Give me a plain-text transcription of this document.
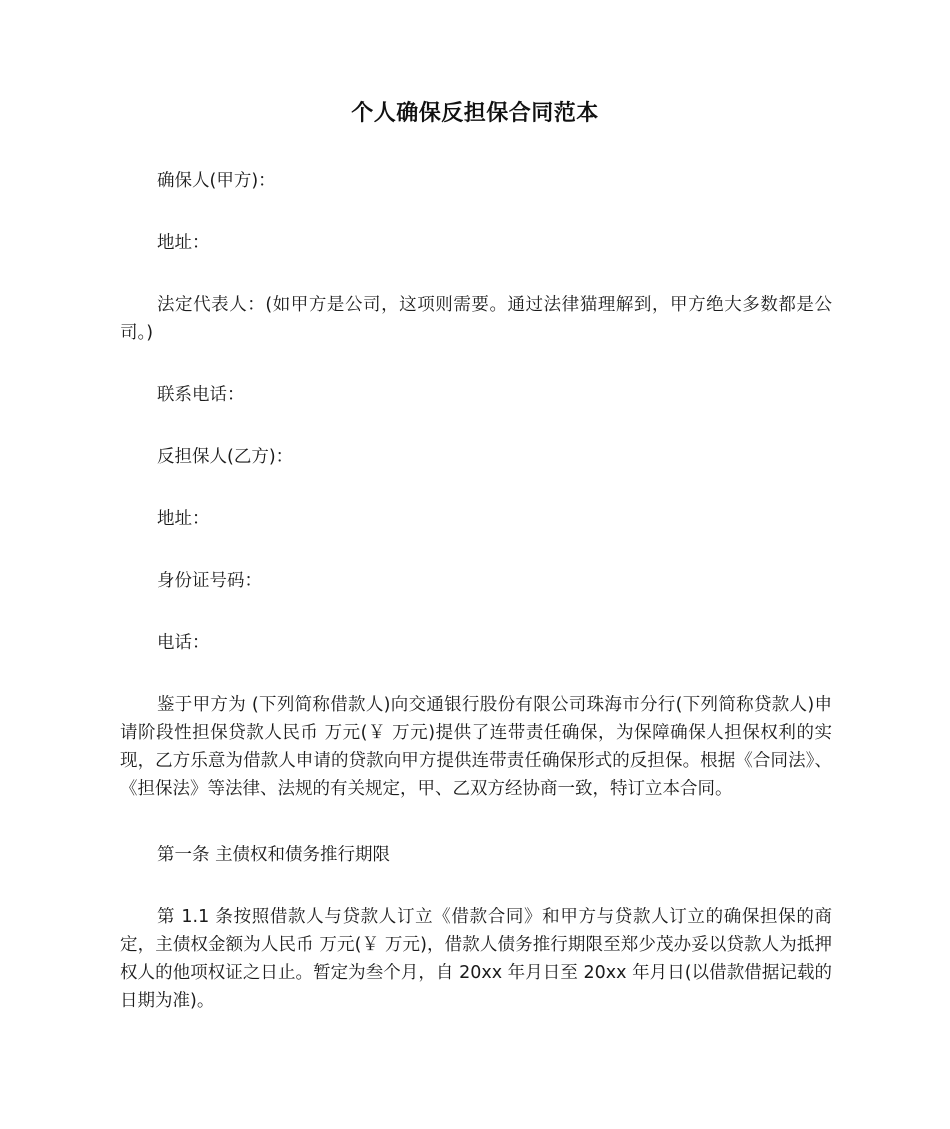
个人确保反担保合同范本
确保人(甲方)：
地址：
法定代表人：(如甲方是公司，这项则需要。通过法律猫理解到，甲方绝大多数都是公司。)
联系电话：
反担保人(乙方)：
地址：
身份证号码：
电话：
鉴于甲方为 (下列简称借款人)向交通银行股份有限公司珠海市分行(下列简称贷款人)申请阶段性担保贷款人民币 万元(￥ 万元)提供了连带责任确保，为保障确保人担保权利的实现，乙方乐意为借款人申请的贷款向甲方提供连带责任确保形式的反担保。根据《合同法》、《担保法》等法律、法规的有关规定，甲、乙双方经协商一致，特订立本合同。
第一条 主债权和债务推行期限
第 1.1 条按照借款人与贷款人订立《借款合同》和甲方与贷款人订立的确保担保的商定，主债权金额为人民币 万元(￥ 万元)，借款人债务推行期限至郑少茂办妥以贷款人为抵押权人的他项权证之日止。暂定为叁个月，自 20xx 年月日至 20xx 年月日(以借款借据记载的日期为准)。
